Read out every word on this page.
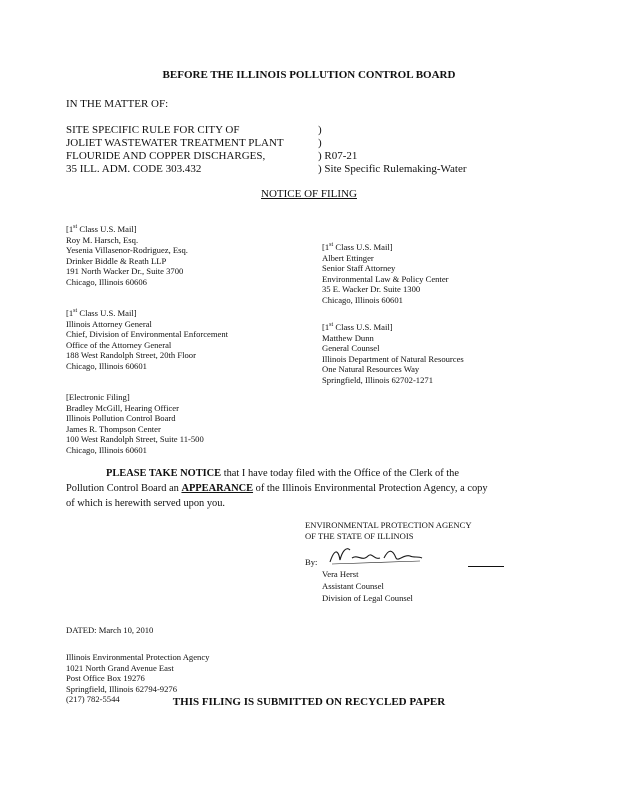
BEFORE THE ILLINOIS POLLUTION CONTROL BOARD
IN THE MATTER OF:
SITE SPECIFIC RULE FOR CITY OF
JOLIET WASTEWATER TREATMENT PLANT
FLOURIDE AND COPPER DISCHARGES,
35 ILL. ADM. CODE 303.432
)
)
) R07-21
) Site Specific Rulemaking-Water
NOTICE OF FILING
[1st Class U.S. Mail]
Roy M. Harsch, Esq.
Yesenia Villasenor-Rodriguez, Esq.
Drinker Biddle & Reath LLP
191 North Wacker Dr., Suite 3700
Chicago, Illinois 60606
[1st Class U.S. Mail]
Illinois Attorney General
Chief, Division of Environmental Enforcement
Office of the Attorney General
188 West Randolph Street, 20th Floor
Chicago, Illinois 60601
[Electronic Filing]
Bradley McGill, Hearing Officer
Illinois Pollution Control Board
James R. Thompson Center
100 West Randolph Street, Suite 11-500
Chicago, Illinois 60601
[1st Class U.S. Mail]
Albert Ettinger
Senior Staff Attorney
Environmental Law & Policy Center
35 E. Wacker Dr. Suite 1300
Chicago, Illinois 60601
[1st Class U.S. Mail]
Matthew Dunn
General Counsel
Illinois Department of Natural Resources
One Natural Resources Way
Springfield, Illinois 62702-1271
PLEASE TAKE NOTICE that I have today filed with the Office of the Clerk of the
Pollution Control Board an APPEARANCE of the Illinois Environmental Protection Agency, a copy
of which is herewith served upon you.
ENVIRONMENTAL PROTECTION AGENCY
OF THE STATE OF ILLINOIS
By:
Vera Herst
Assistant Counsel
Division of Legal Counsel
DATED: March 10, 2010
Illinois Environmental Protection Agency
1021 North Grand Avenue East
Post Office Box 19276
Springfield, Illinois 62794-9276
(217) 782-5544	THIS FILING IS SUBMITTED ON RECYCLED PAPER
